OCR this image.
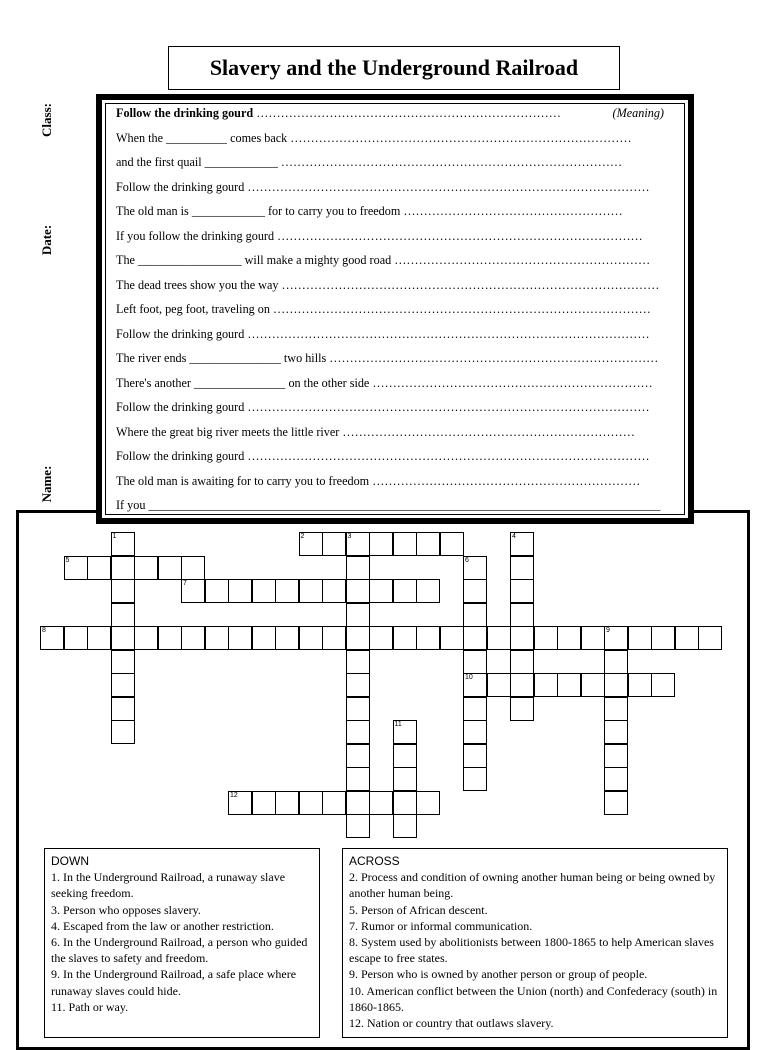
Slavery and the Underground Railroad
Class:
Date:
Name:
Follow the drinking gourd …………………………………………………………………	(Meaning)
When the __________ comes back …………………………………………………………………………
and the first quail ____________ …………………………………………………………………………
Follow the drinking gourd ………………………………………………………………………………………
The old man is ____________ for to carry you to freedom ………………………………………………
If you follow the drinking gourd ………………………………………………………………………………
The _________________ will make a mighty good road ………………………………………………………
The dead trees show you the way …………………………………………………………………………………
Left foot, peg foot, traveling on …………………………………………………………………………………
Follow the drinking gourd ………………………………………………………………………………………
The river ends _______________ two hills ………………………………………………………………………
There's another _______________ on the other side ……………………………………………………………
Follow the drinking gourd ………………………………………………………………………………………
Where the great big river meets the little river ………………………………………………………………
Follow the drinking gourd ………………………………………………………………………………………
The old man is awaiting for to carry you to freedom …………………………………………………………
If you ____________________________________________________________________________________
1	2	3	4
5	6
10
7
8	9
11
12
DOWN
1. In the Underground Railroad, a runaway slave seeking freedom.
3. Person who opposes slavery.
4. Escaped from the law or another restriction.
6. In the Underground Railroad, a person who guided the slaves to safety and freedom.
9. In the Underground Railroad, a safe place where runaway slaves could hide.
11. Path or way.
ACROSS
2. Process and condition of owning another human being or being owned by another human being.
5. Person of African descent.
7. Rumor or informal communication.
8. System used by abolitionists between 1800-1865 to help American slaves escape to free states.
9. Person who is owned by another person or group of people.
10. American conflict between the Union (north) and Confederacy (south) in 1860-1865.
12. Nation or country that outlaws slavery.
